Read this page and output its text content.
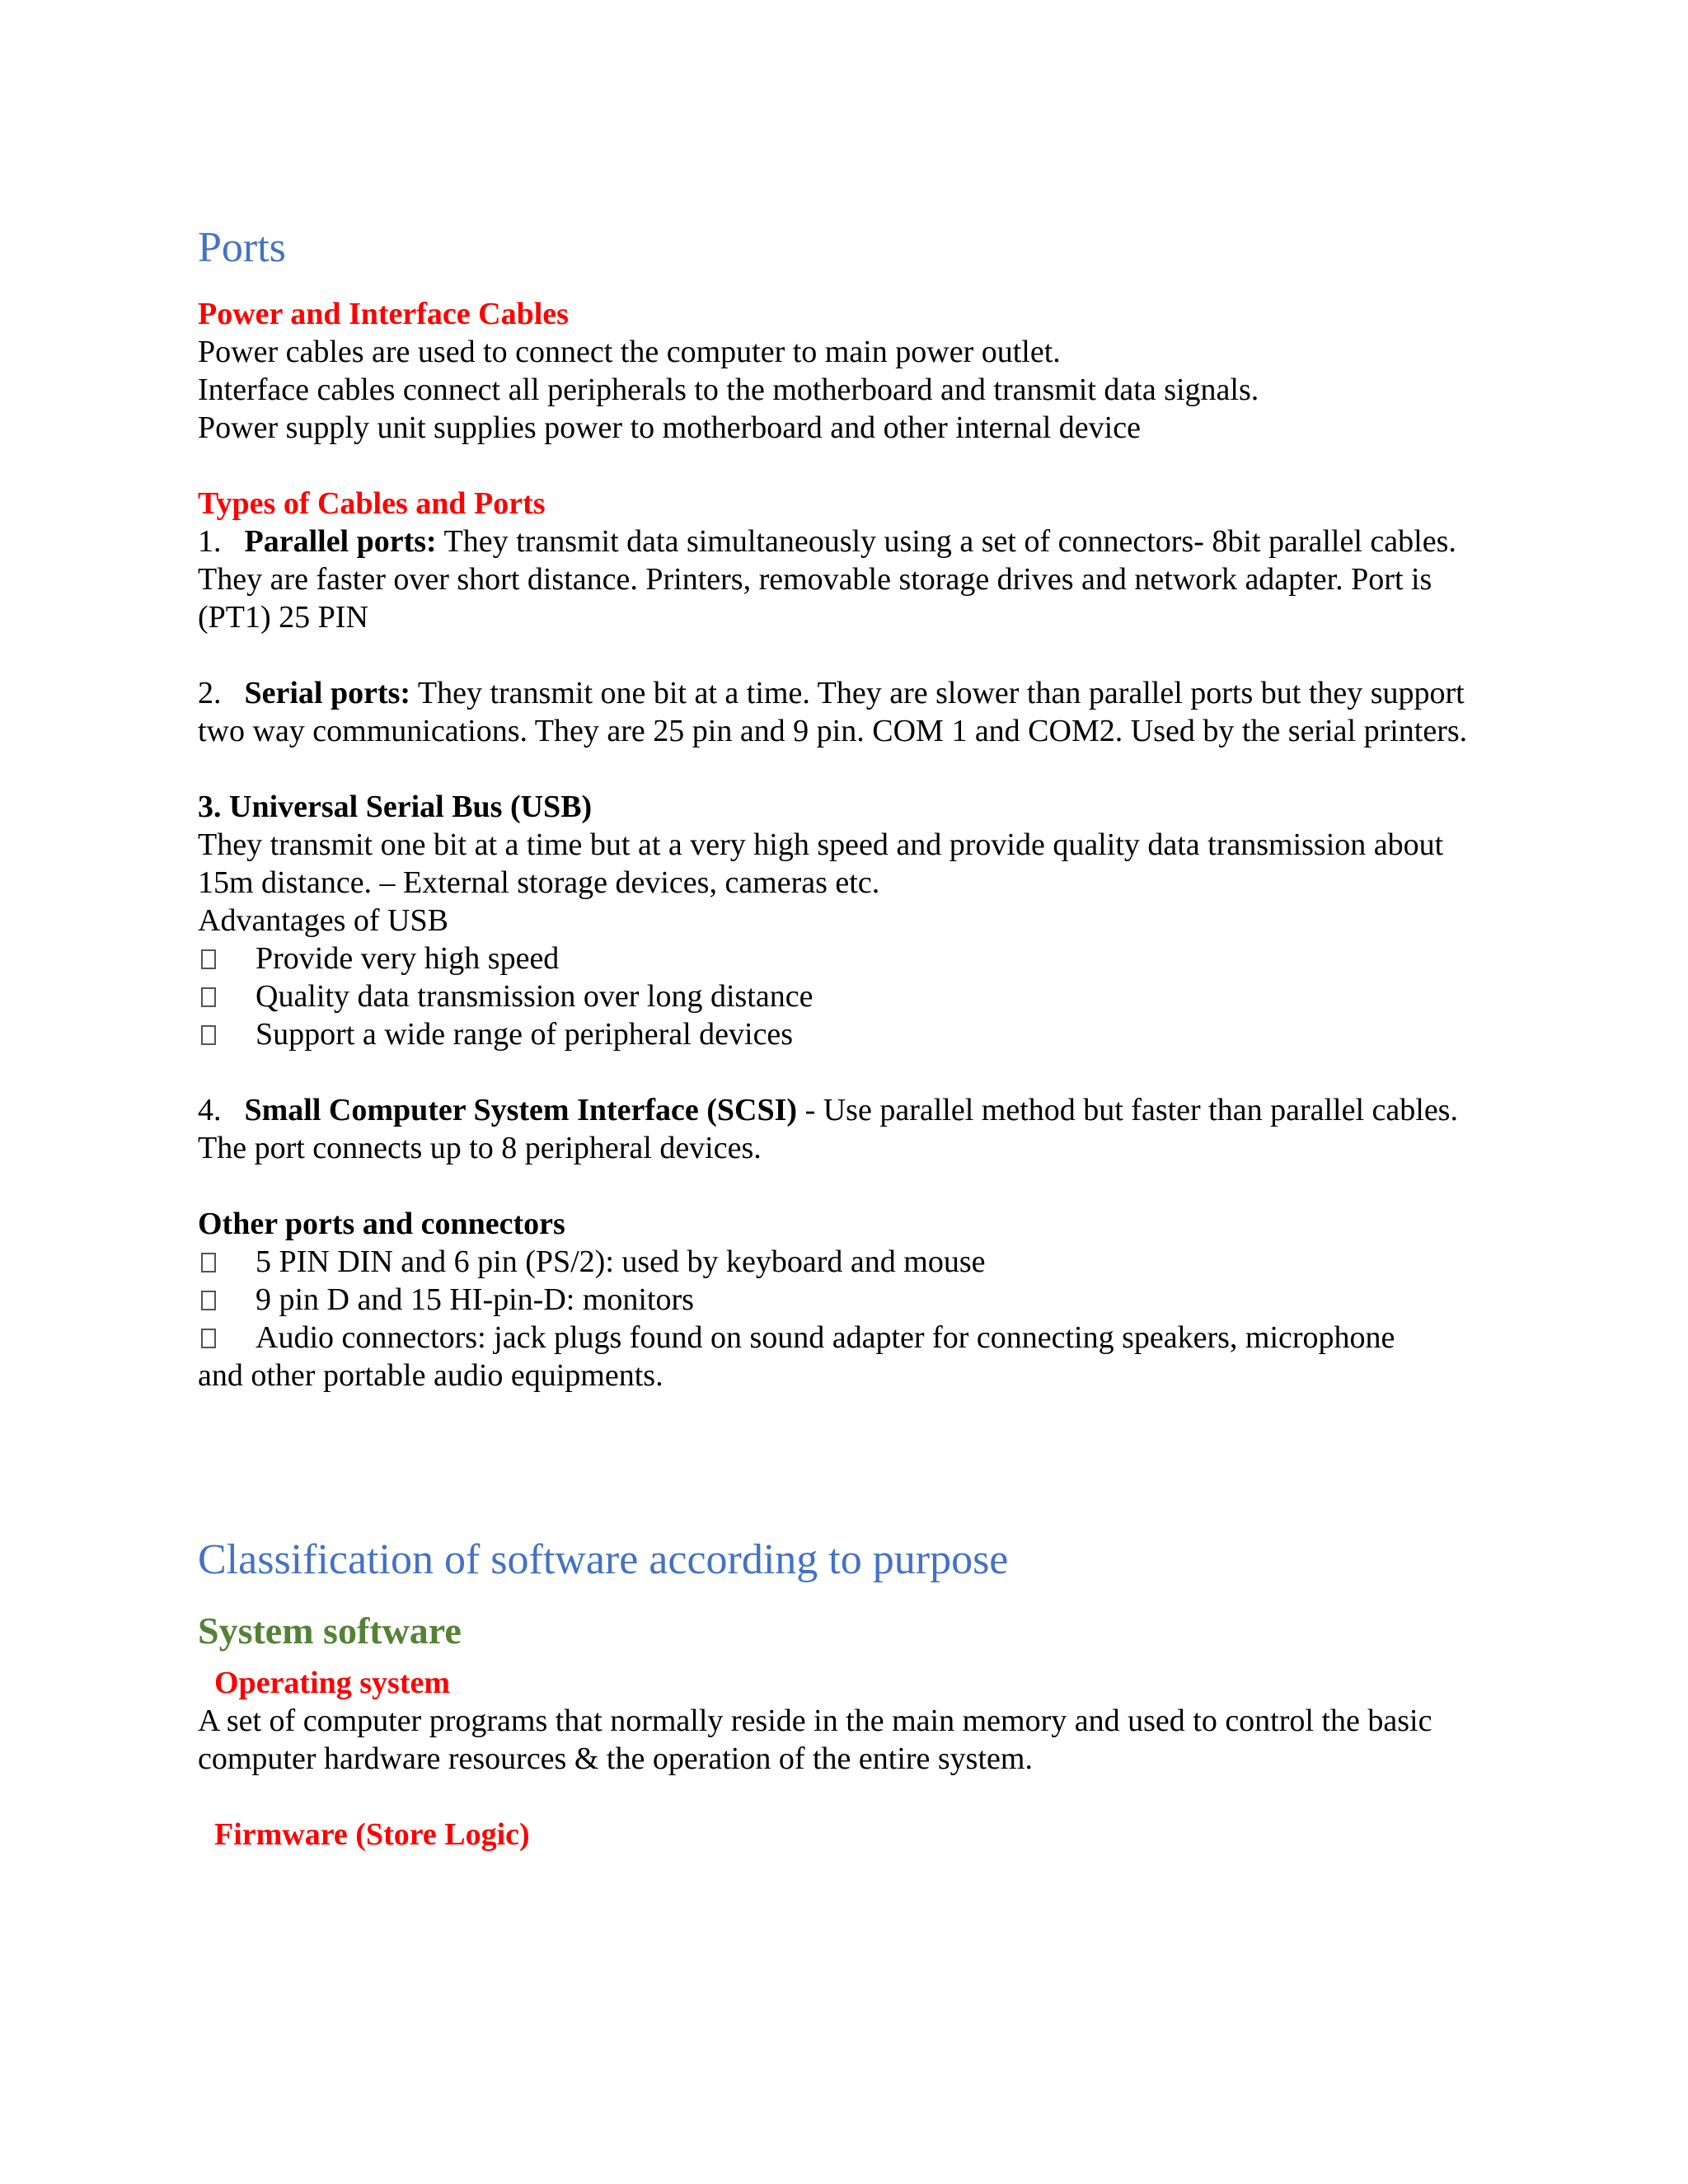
Ports
Power and Interface Cables

Power cables are used to connect the computer to main power outlet.

Interface cables connect all peripherals to the motherboard and transmit data signals.

Power supply unit supplies power to motherboard and other internal device

Types of Cables and Ports

1. Parallel ports: They transmit data simultaneously using a set of connectors- 8bit parallel cables. They are faster over short distance. Printers, removable storage drives and network adapter. Port is (PT1) 25 PIN

2. Serial ports: They transmit one bit at a time. They are slower than parallel ports but they support two way communications. They are 25 pin and 9 pin. COM 1 and COM2. Used by the serial printers.

3. Universal Serial Bus (USB)

They transmit one bit at a time but at a very high speed and provide quality data transmission about 15m distance. – External storage devices, cameras etc.

Advantages of USB

Provide very high speed
Quality data transmission over long distance
Support a wide range of peripheral devices

4. Small Computer System Interface (SCSI) - Use parallel method but faster than parallel cables. The port connects up to 8 peripheral devices.

Other ports and connectors
5 PIN DIN and 6 pin (PS/2): used by keyboard and mouse
9 pin D and 15 HI-pin-D: monitors
Audio connectors: jack plugs found on sound adapter for connecting speakers, microphone

and other portable audio equipments.

Classification of software according to purpose
System software
Operating system

A set of computer programs that normally reside in the main memory and used to control the basic computer hardware resources & the operation of the entire system.

Firmware (Store Logic)
